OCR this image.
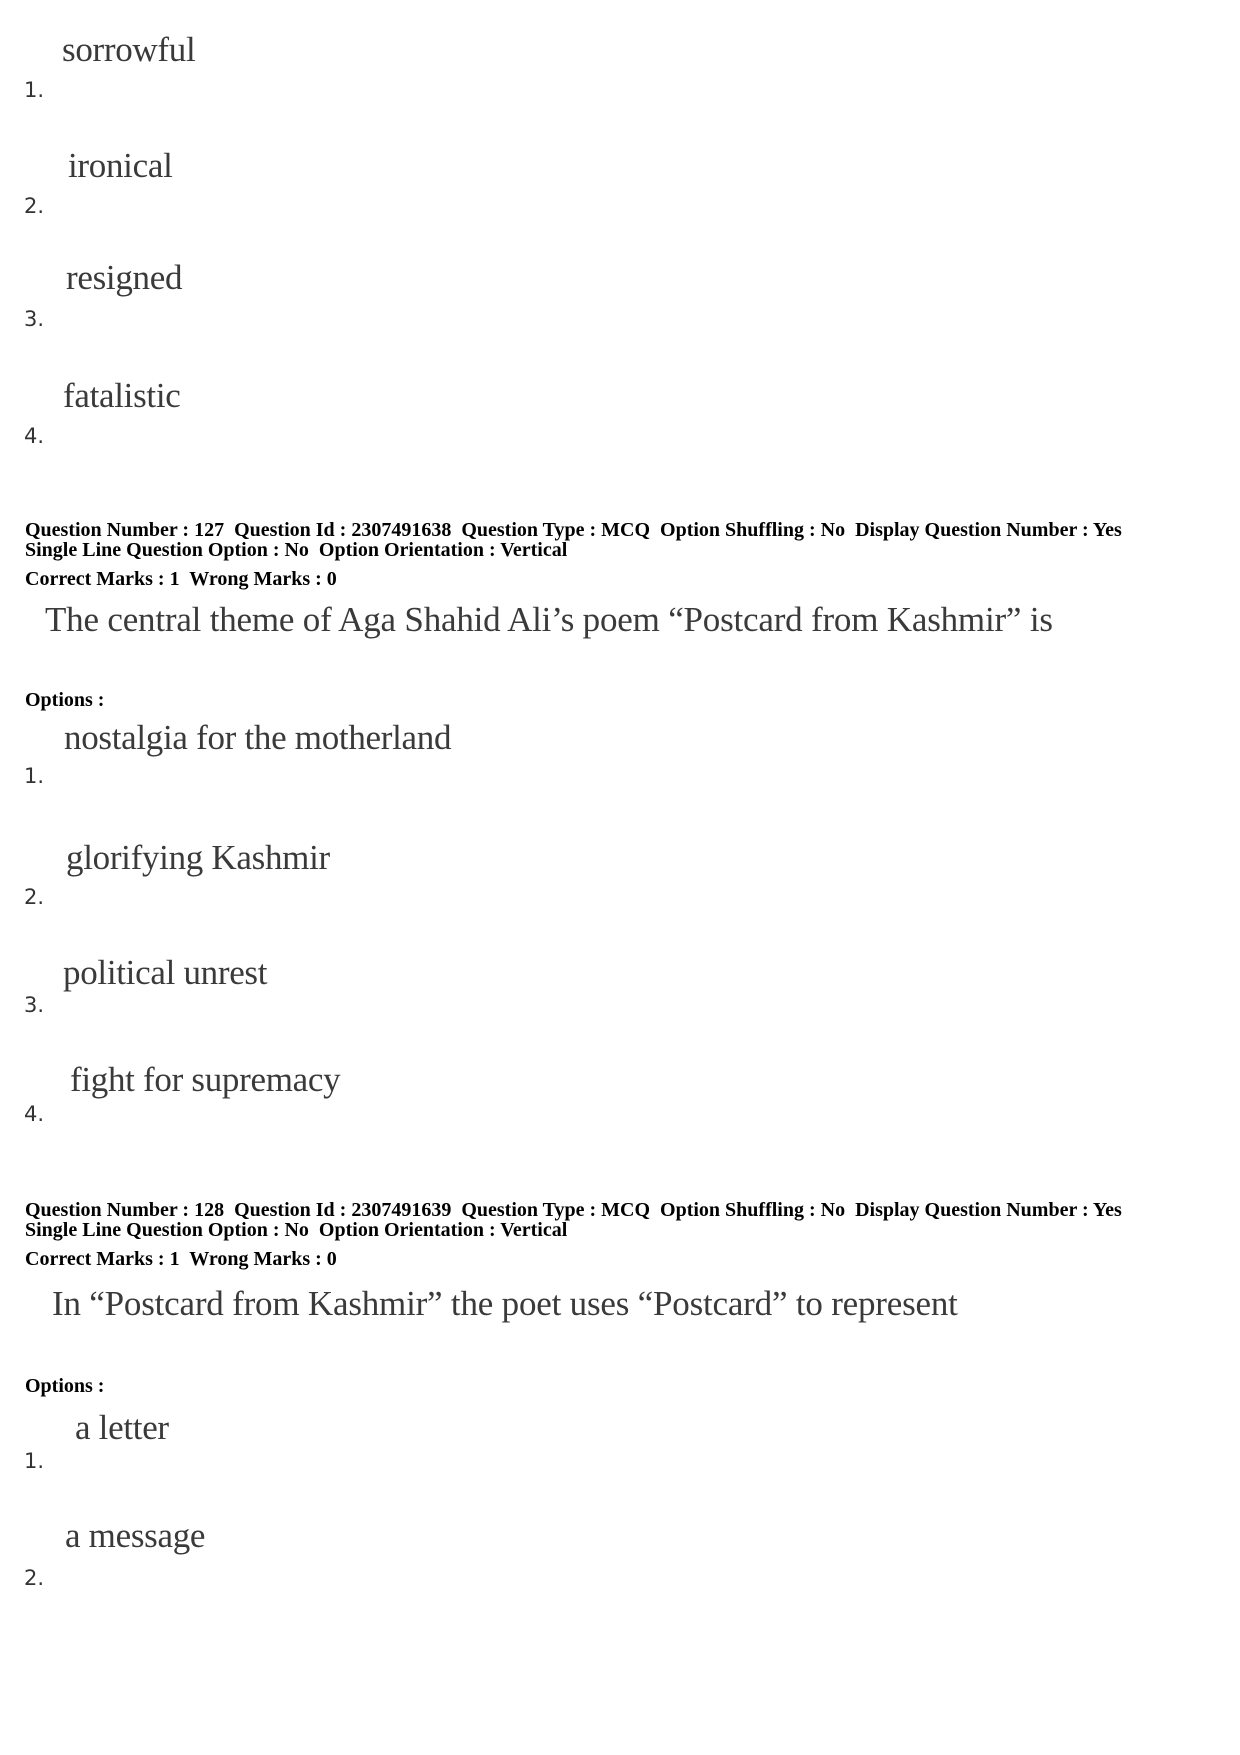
sorrowful
1.
ironical
2.
resigned
3.
fatalistic
4.
Question Number : 127  Question Id : 2307491638  Question Type : MCQ  Option Shuffling : No  Display Question Number : Yes
Single Line Question Option : No  Option Orientation : Vertical
Correct Marks : 1  Wrong Marks : 0
The central theme of Aga Shahid Ali’s poem “Postcard from Kashmir” is
Options :
nostalgia for the motherland
1.
glorifying Kashmir
2.
political unrest
3.
fight for supremacy
4.
Question Number : 128  Question Id : 2307491639  Question Type : MCQ  Option Shuffling : No  Display Question Number : Yes
Single Line Question Option : No  Option Orientation : Vertical
Correct Marks : 1  Wrong Marks : 0
In “Postcard from Kashmir” the poet uses “Postcard” to represent
Options :
a letter
1.
a message
2.
